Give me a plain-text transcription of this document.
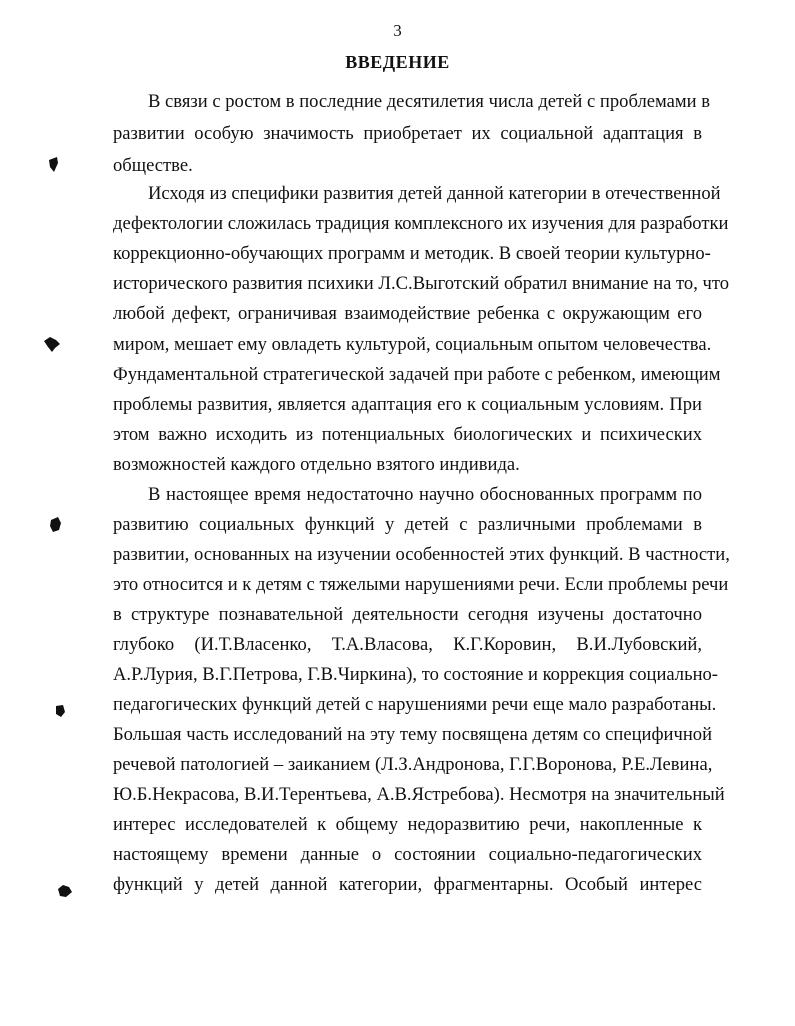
3
ВВЕДЕНИЕ
В связи с ростом в последние десятилетия числа детей с проблемами в
развитии особую значимость приобретает их социальной адаптация в
обществе.
Исходя из специфики развития детей данной категории в отечественной
дефектологии сложилась традиция комплексного их изучения для разработки
коррекционно-обучающих программ и методик. В своей теории культурно-
исторического развития психики Л.С.Выготский обратил внимание на то, что
любой дефект, ограничивая взаимодействие ребенка с окружающим его
миром, мешает ему овладеть культурой, социальным опытом человечества.
Фундаментальной стратегической задачей при работе с ребенком, имеющим
проблемы развития, является адаптация его к социальным условиям. При
этом важно исходить из потенциальных биологических и психических
возможностей каждого отдельно взятого индивида.
В настоящее время недостаточно научно обоснованных программ по
развитию социальных функций у детей с различными проблемами в
развитии, основанных на изучении особенностей этих функций. В частности,
это относится и к детям с тяжелыми нарушениями речи. Если проблемы речи
в структуре познавательной деятельности сегодня изучены достаточно
глубоко (И.Т.Власенко, Т.А.Власова, К.Г.Коровин, В.И.Лубовский,
А.Р.Лурия, В.Г.Петрова, Г.В.Чиркина), то состояние и коррекция социально-
педагогических функций детей с нарушениями речи еще мало разработаны.
Большая часть исследований на эту тему посвящена детям со специфичной
речевой патологией – заиканием (Л.З.Андронова, Г.Г.Воронова, Р.Е.Левина,
Ю.Б.Некрасова, В.И.Терентьева, А.В.Ястребова). Несмотря на значительный
интерес исследователей к общему недоразвитию речи, накопленные к
настоящему времени данные о состоянии социально-педагогических
функций у детей данной категории, фрагментарны. Особый интерес
